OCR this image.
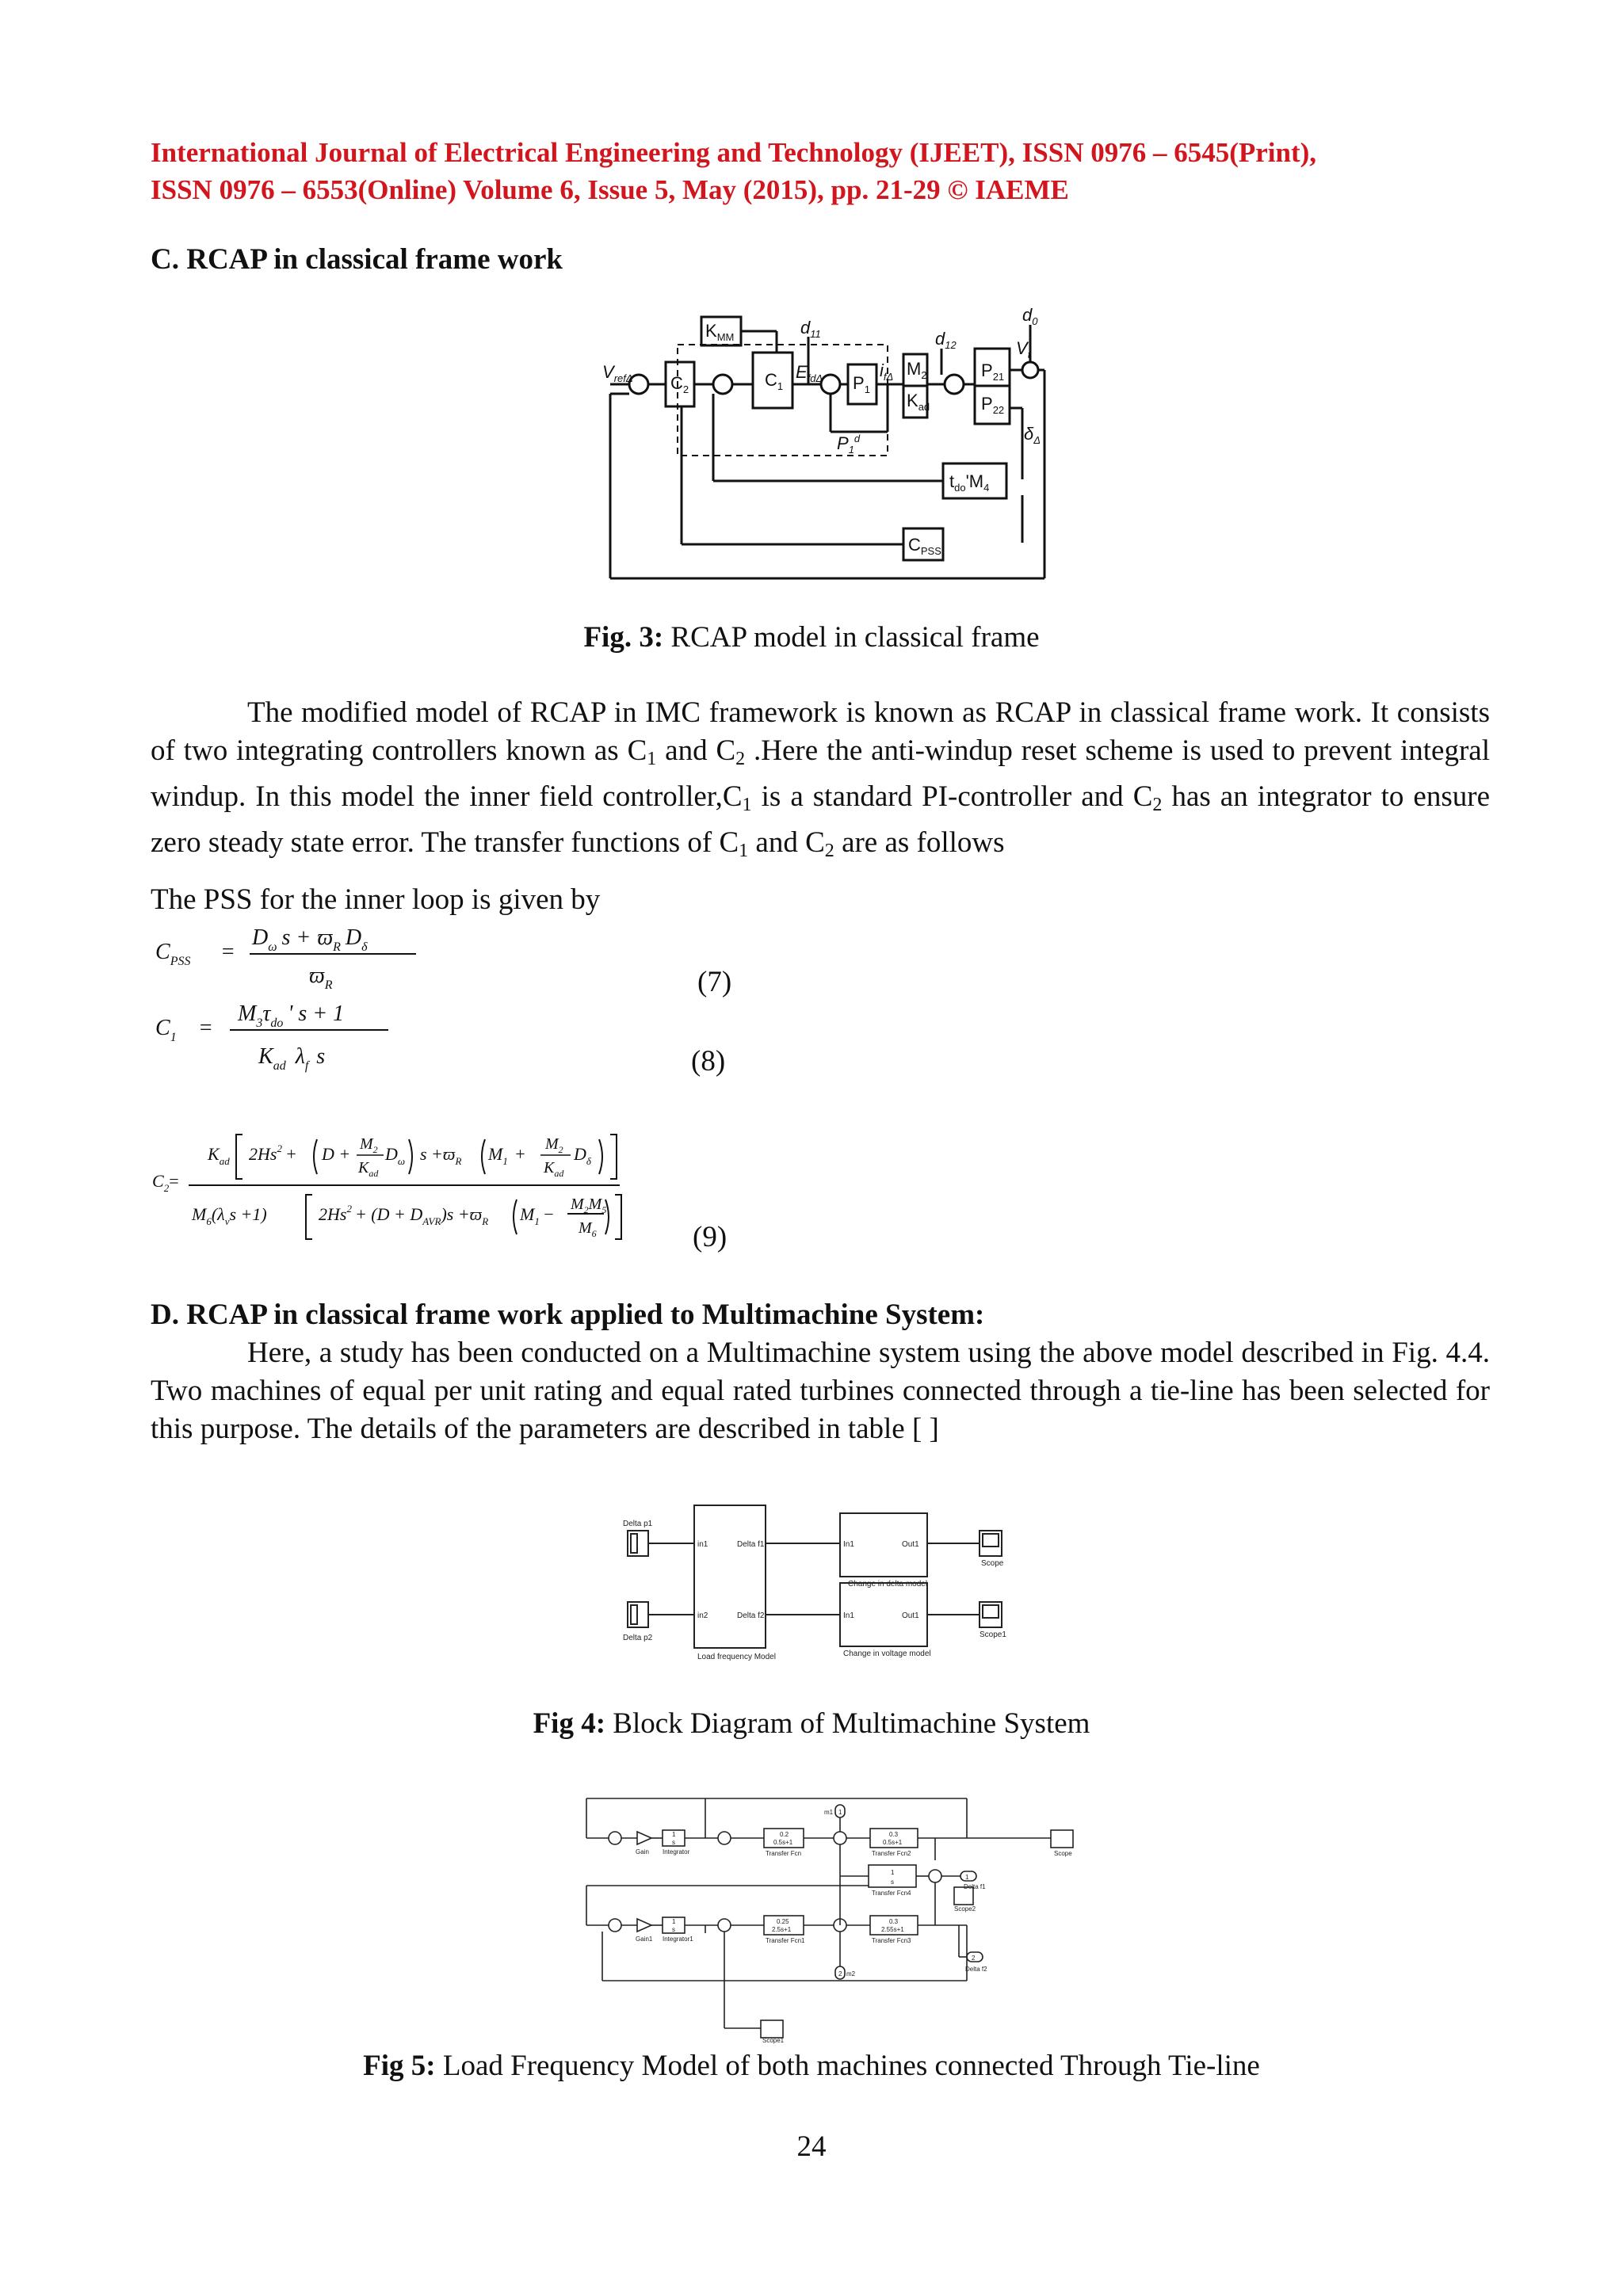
International Journal of Electrical Engineering and Technology (IJEET), ISSN 0976 – 6545(Print),
ISSN 0976 – 6553(Online) Volume 6, Issue 5, May (2015), pp. 21-29 © IAEME
C. RCAP in classical frame work
$K_{MM}$
$C_2$	$C_1$	$P_1$
$M_2$
$K_{ad}$
$P_{21}$
$P_{22}$
$t_{do}'M_4$
$C_{PSS}$
$V_{ref}\Delta$
$d_{11}$	$d_{12}$
$d_0$
$V_t$
$E_{fd}\Delta$	$i_f\Delta$
$\delta_\Delta$
$P_1^d$
Fig. 3: RCAP model in classical frame
The modified model of RCAP in IMC framework is known as RCAP in classical frame work. It consists of two integrating controllers known as $C_1$ and $C_2$ .Here the anti-windup reset scheme is used to prevent integral windup. In this model the inner field $controller,C_1$ is a standard PI-controller and $C_2$ has an integrator to ensure zero steady state error. The transfer functions of $C_1$ and $C_2$ are as follows
The PSS for the inner loop is given by
$C_{PSS}$ =
$D_\omega$ $s + ϖ_R$ $D_\delta$
$ϖ_R$	(7)
$C_1$ =
$M_3\tau_{do}$ ' s + 1
$K_{ad}$ $\lambda_f$ s	(8)
$C_2=$
$K_{ad}$ $2Hs^2 + D + M_2$
$K_{ad}$
$D_\omega$ $s +ϖ_R$ $M_1 + M_2$
$K_{ad}$
$D_\delta$
$M_6(\lambda_vs +1)$	$2Hs^2 + (D + D_{AVR})s +ϖ_R$ $M_1 - M_2M_5$
$M_6$	(9)
D. RCAP in classical frame work applied to Multimachine System:
Here, a study has been conducted on a Multimachine system using the above model described in Fig. 4.4. Two machines of equal per unit rating and equal rated turbines connected through a tie-line has been selected for this purpose. The details of the parameters are described in table [ ]
Delta p1
Delta p2
in1
in2
Delta f1
Delta f2
Load frequency Model
In1
In1
Out1
Out1
Change in delta model
Change in voltage model
Scope
Scope1
Fig 4: Block Diagram of Multimachine System
Gain Integrator
1
s
0.2
0.5s+1
Transfer Fcn
0.3
0.5s+1
Transfer Fcn2
m1 1
1
s
Transfer Fcn4
1
Delta f1
Scope
Scope2
Gain1 Integrator1
1
s
0.25
2.5s+1
Transfer Fcn1
0.3
2.55s+1
Transfer Fcn3
2
Delta f2
2 m2
Scope1
Fig 5: Load Frequency Model of both machines connected Through Tie-line
24
